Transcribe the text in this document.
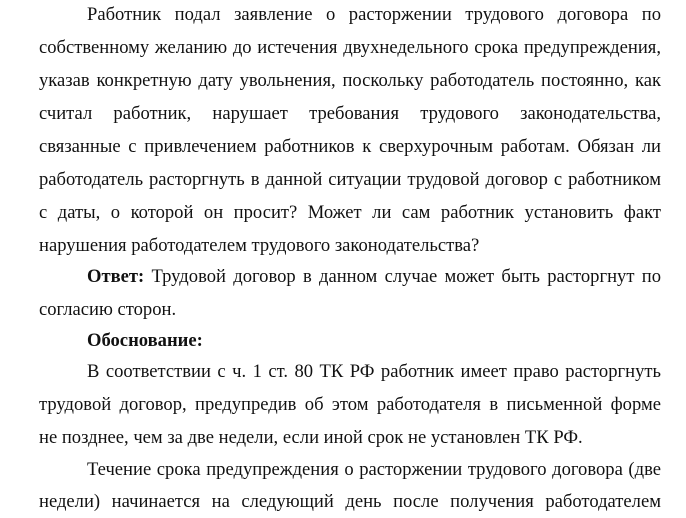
Работник подал заявление о расторжении трудового договора по
собственному желанию до истечения двухнедельного срока предупреждения,
указав конкретную дату увольнения, поскольку работодатель постоянно, как
считал работник, нарушает требования трудового законодательства,
связанные с привлечением работников к сверхурочным работам. Обязан ли
работодатель расторгнуть в данной ситуации трудовой договор с работником
с даты, о которой он просит? Может ли сам работник установить факт
нарушения работодателем трудового законодательства?
Ответ: Трудовой договор в данном случае может быть расторгнут по
согласию сторон.
Обоснование:
В соответствии с ч. 1 ст. 80 ТК РФ работник имеет право расторгнуть
трудовой договор, предупредив об этом работодателя в письменной форме
не позднее, чем за две недели, если иной срок не установлен ТК РФ.
Течение срока предупреждения о расторжении трудового договора (две
недели) начинается на следующий день после получения работодателем
